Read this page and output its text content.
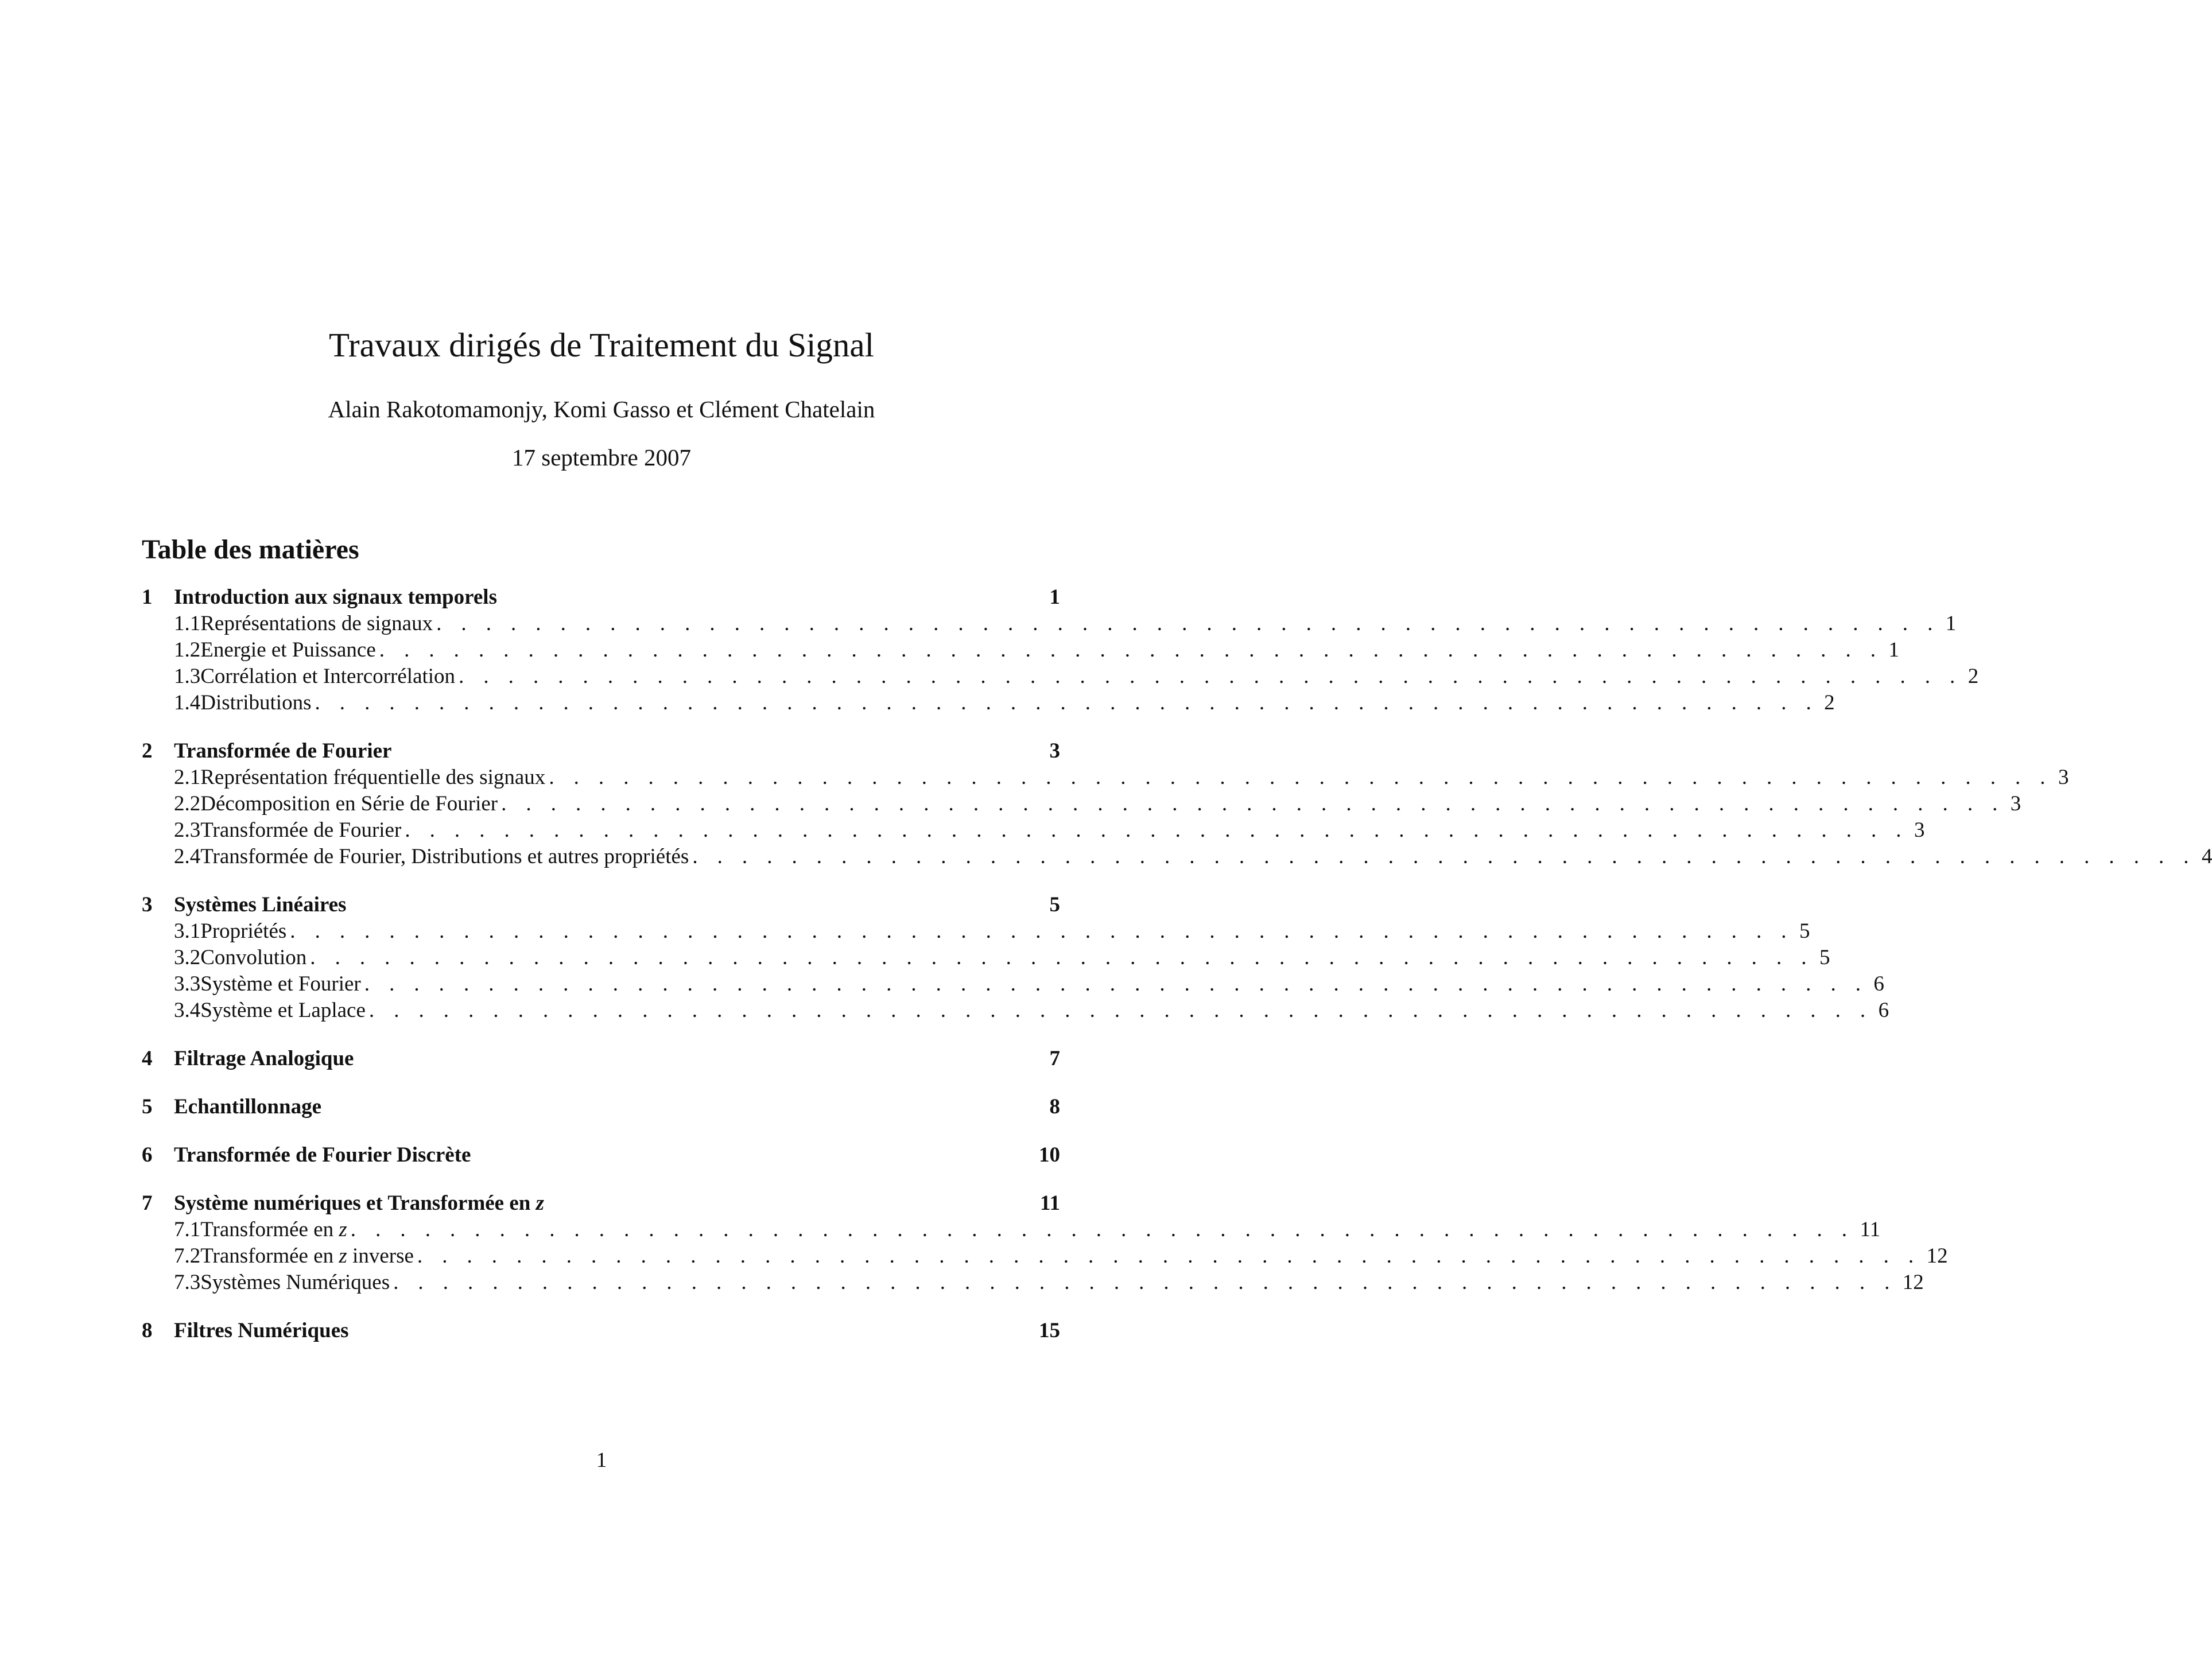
Travaux dirigés de Traitement du Signal
Alain Rakotomamonjy, Komi Gasso et Clément Chatelain
17 septembre 2007
Table des matières
1	Introduction aux signaux temporels	1
1.1 Représentations de signaux . . . . . . . . . . . . . . . . . . . . . . . . . . . . . . . . . . . . . . . . . . . . . . . . . . . . . . . . . . . . . 1
1.2 Energie et Puissance . . . . . . . . . . . . . . . . . . . . . . . . . . . . . . . . . . . . . . . . . . . . . . . . . . . . . . . . . . . . . 1
1.3 Corrélation et Intercorrélation . . . . . . . . . . . . . . . . . . . . . . . . . . . . . . . . . . . . . . . . . . . . . . . . . . . . . . . . . . . . . 2
1.4 Distributions . . . . . . . . . . . . . . . . . . . . . . . . . . . . . . . . . . . . . . . . . . . . . . . . . . . . . . . . . . . . . 2
2	Transformée de Fourier	3
2.1 Représentation fréquentielle des signaux . . . . . . . . . . . . . . . . . . . . . . . . . . . . . . . . . . . . . . . . . . . . . . . . . . . . . . . . . . . . . 3
2.2 Décomposition en Série de Fourier . . . . . . . . . . . . . . . . . . . . . . . . . . . . . . . . . . . . . . . . . . . . . . . . . . . . . . . . . . . . . 3
2.3 Transformée de Fourier . . . . . . . . . . . . . . . . . . . . . . . . . . . . . . . . . . . . . . . . . . . . . . . . . . . . . . . . . . . . . 3
2.4 Transformée de Fourier, Distributions et autres propriétés . . . . . . . . . . . . . . . . . . . . . . . . . . . . . . . . . . . . . . . . . . . . . . . . . . . . . . . . . . . . . 4
3	Systèmes Linéaires	5
3.1 Propriétés . . . . . . . . . . . . . . . . . . . . . . . . . . . . . . . . . . . . . . . . . . . . . . . . . . . . . . . . . . . . . 5
3.2 Convolution . . . . . . . . . . . . . . . . . . . . . . . . . . . . . . . . . . . . . . . . . . . . . . . . . . . . . . . . . . . . . 5
3.3 Système et Fourier . . . . . . . . . . . . . . . . . . . . . . . . . . . . . . . . . . . . . . . . . . . . . . . . . . . . . . . . . . . . . 6
3.4 Système et Laplace . . . . . . . . . . . . . . . . . . . . . . . . . . . . . . . . . . . . . . . . . . . . . . . . . . . . . . . . . . . . . 6
4	Filtrage Analogique	7
5	Echantillonnage	8
6	Transformée de Fourier Discrète	10
7	Système numériques et Transformée en z	11
7.1 Transformée en z . . . . . . . . . . . . . . . . . . . . . . . . . . . . . . . . . . . . . . . . . . . . . . . . . . . . . . . . . . . . . 11
7.2 Transformée en z inverse . . . . . . . . . . . . . . . . . . . . . . . . . . . . . . . . . . . . . . . . . . . . . . . . . . . . . . . . . . . . . 12
7.3 Systèmes Numériques . . . . . . . . . . . . . . . . . . . . . . . . . . . . . . . . . . . . . . . . . . . . . . . . . . . . . . . . . . . . . 12
8	Filtres Numériques	15
1
